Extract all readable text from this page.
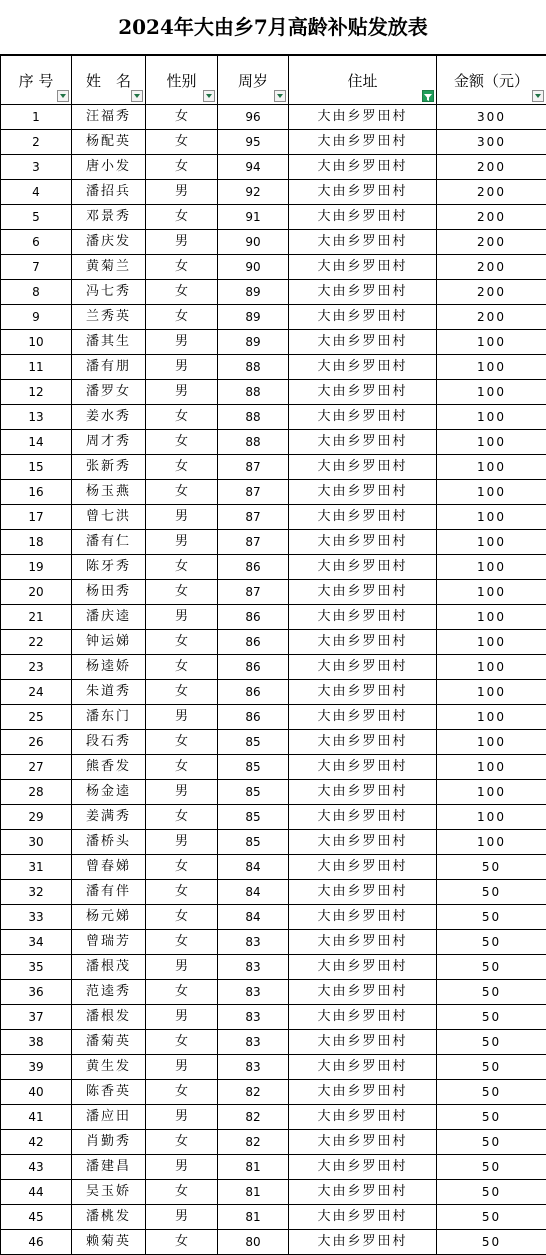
2024年大由乡7月高龄补贴发放表
序 号	姓　名	性别	周岁	住址	金额（元）

1	汪福秀	女	96	大由乡罗田村	300
2	杨配英	女	95	大由乡罗田村	300
3	唐小发	女	94	大由乡罗田村	200
4	潘招兵	男	92	大由乡罗田村	200
5	邓景秀	女	91	大由乡罗田村	200
6	潘庆发	男	90	大由乡罗田村	200
7	黄菊兰	女	90	大由乡罗田村	200
8	冯七秀	女	89	大由乡罗田村	200
9	兰秀英	女	89	大由乡罗田村	200
10	潘其生	男	89	大由乡罗田村	100
11	潘有朋	男	88	大由乡罗田村	100
12	潘罗女	男	88	大由乡罗田村	100
13	姜水秀	女	88	大由乡罗田村	100
14	周才秀	女	88	大由乡罗田村	100
15	张新秀	女	87	大由乡罗田村	100
16	杨玉燕	女	87	大由乡罗田村	100
17	曾七洪	男	87	大由乡罗田村	100
18	潘有仁	男	87	大由乡罗田村	100
19	陈牙秀	女	86	大由乡罗田村	100
20	杨田秀	女	87	大由乡罗田村	100
21	潘庆逵	男	86	大由乡罗田村	100
22	钟运娣	女	86	大由乡罗田村	100
23	杨逵娇	女	86	大由乡罗田村	100
24	朱道秀	女	86	大由乡罗田村	100
25	潘东门	男	86	大由乡罗田村	100
26	段石秀	女	85	大由乡罗田村	100
27	熊香发	女	85	大由乡罗田村	100
28	杨金逵	男	85	大由乡罗田村	100
29	姜满秀	女	85	大由乡罗田村	100
30	潘桥头	男	85	大由乡罗田村	100
31	曾春娣	女	84	大由乡罗田村	50
32	潘有伴	女	84	大由乡罗田村	50
33	杨元娣	女	84	大由乡罗田村	50
34	曾瑞芳	女	83	大由乡罗田村	50
35	潘根茂	男	83	大由乡罗田村	50
36	范逵秀	女	83	大由乡罗田村	50
37	潘根发	男	83	大由乡罗田村	50
38	潘菊英	女	83	大由乡罗田村	50
39	黄生发	男	83	大由乡罗田村	50
40	陈香英	女	82	大由乡罗田村	50
41	潘应田	男	82	大由乡罗田村	50
42	肖勤秀	女	82	大由乡罗田村	50
43	潘建昌	男	81	大由乡罗田村	50
44	吴玉娇	女	81	大由乡罗田村	50
45	潘桃发	男	81	大由乡罗田村	50
46	赖菊英	女	80	大由乡罗田村	50
